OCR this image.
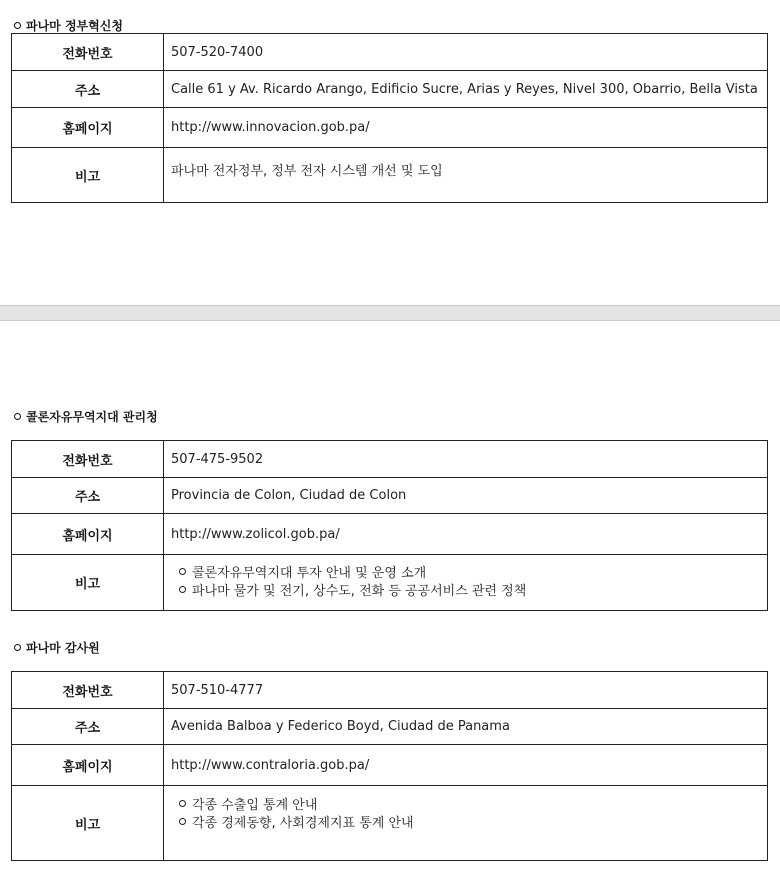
파나마 정부혁신청
전화번호	507-520-7400
주소	Calle 61 y Av. Ricardo Arango, Edificio Sucre, Arias y Reyes, Nivel 300, Obarrio, Bella Vista
홈페이지	http://www.innovacion.gob.pa/
비고	파나마 전자정부, 정부 전자 시스템 개선 및 도입
콜론자유무역지대 관리청
전화번호	507-475-9502
주소	Provincia de Colon, Ciudad de Colon
홈페이지	http://www.zolicol.gob.pa/
비고	콜론자유무역지대 투자 안내 및 운영 소개
파나마 물가 및 전기, 상수도, 전화 등 공공서비스 관련 정책
파나마 감사원
전화번호	507-510-4777
주소	Avenida Balboa y Federico Boyd, Ciudad de Panama
홈페이지	http://www.contraloria.gob.pa/
비고	각종 수출입 통계 안내
각종 경제동향, 사회경제지표 통계 안내
